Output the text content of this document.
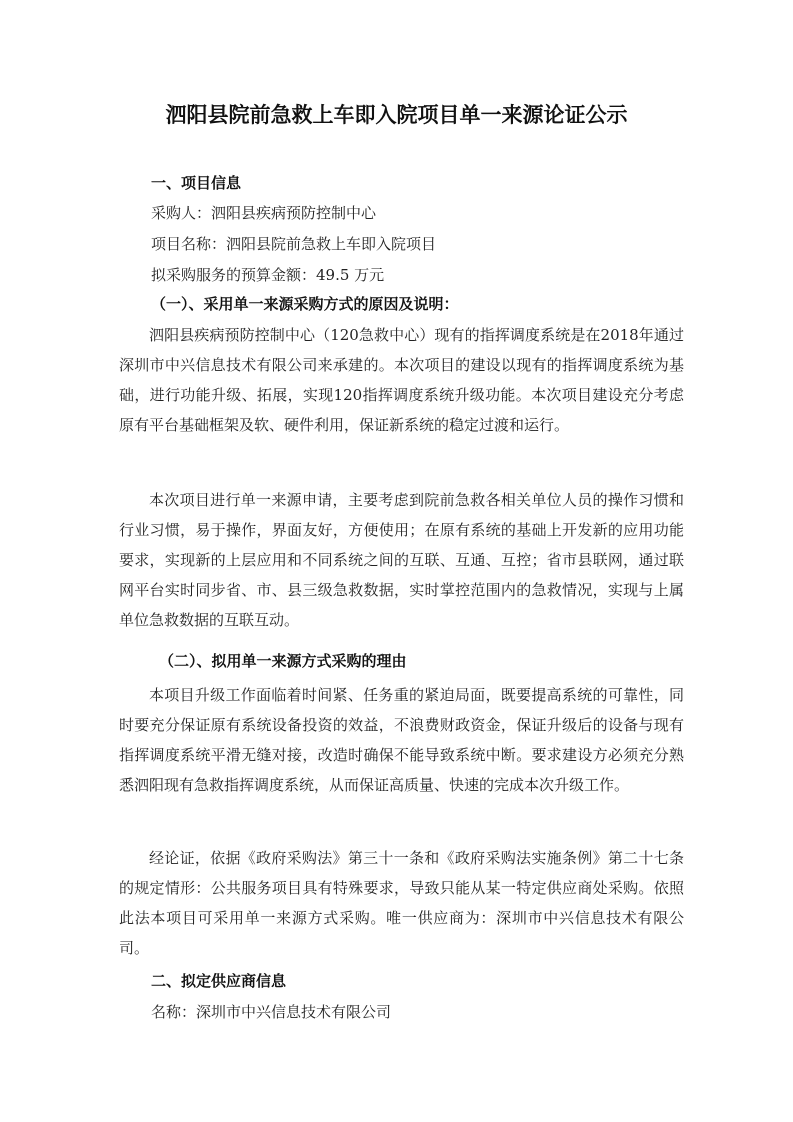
泗阳县院前急救上车即入院项目单一来源论证公示
一、项目信息
采购人：泗阳县疾病预防控制中心
项目名称：泗阳县院前急救上车即入院项目
拟采购服务的预算金额：49.5 万元
（一）、采用单一来源采购方式的原因及说明：

泗阳县疾病预防控制中心（120急救中心）现有的指挥调度系统是在2018年通过深圳市中兴信息技术有限公司来承建的。本次项目的建设以现有的指挥调度系统为基础，进行功能升级、拓展，实现120指挥调度系统升级功能。本次项目建设充分考虑原有平台基础框架及软、硬件利用，保证新系统的稳定过渡和运行。

本次项目进行单一来源申请，主要考虑到院前急救各相关单位人员的操作习惯和行业习惯，易于操作，界面友好，方便使用；在原有系统的基础上开发新的应用功能要求，实现新的上层应用和不同系统之间的互联、互通、互控；省市县联网，通过联网平台实时同步省、市、县三级急救数据，实时掌控范围内的急救情况，实现与上属单位急救数据的互联互动。

（二）、拟用单一来源方式采购的理由

本项目升级工作面临着时间紧、任务重的紧迫局面，既要提高系统的可靠性，同时要充分保证原有系统设备投资的效益，不浪费财政资金，保证升级后的设备与现有指挥调度系统平滑无缝对接，改造时确保不能导致系统中断。要求建设方必须充分熟悉泗阳现有急救指挥调度系统，从而保证高质量、快速的完成本次升级工作。

经论证，依据《政府采购法》第三十一条和《政府采购法实施条例》第二十七条的规定情形：公共服务项目具有特殊要求，导致只能从某一特定供应商处采购。依照此法本项目可采用单一来源方式采购。唯一供应商为：深圳市中兴信息技术有限公司。

二、拟定供应商信息
名称：深圳市中兴信息技术有限公司
